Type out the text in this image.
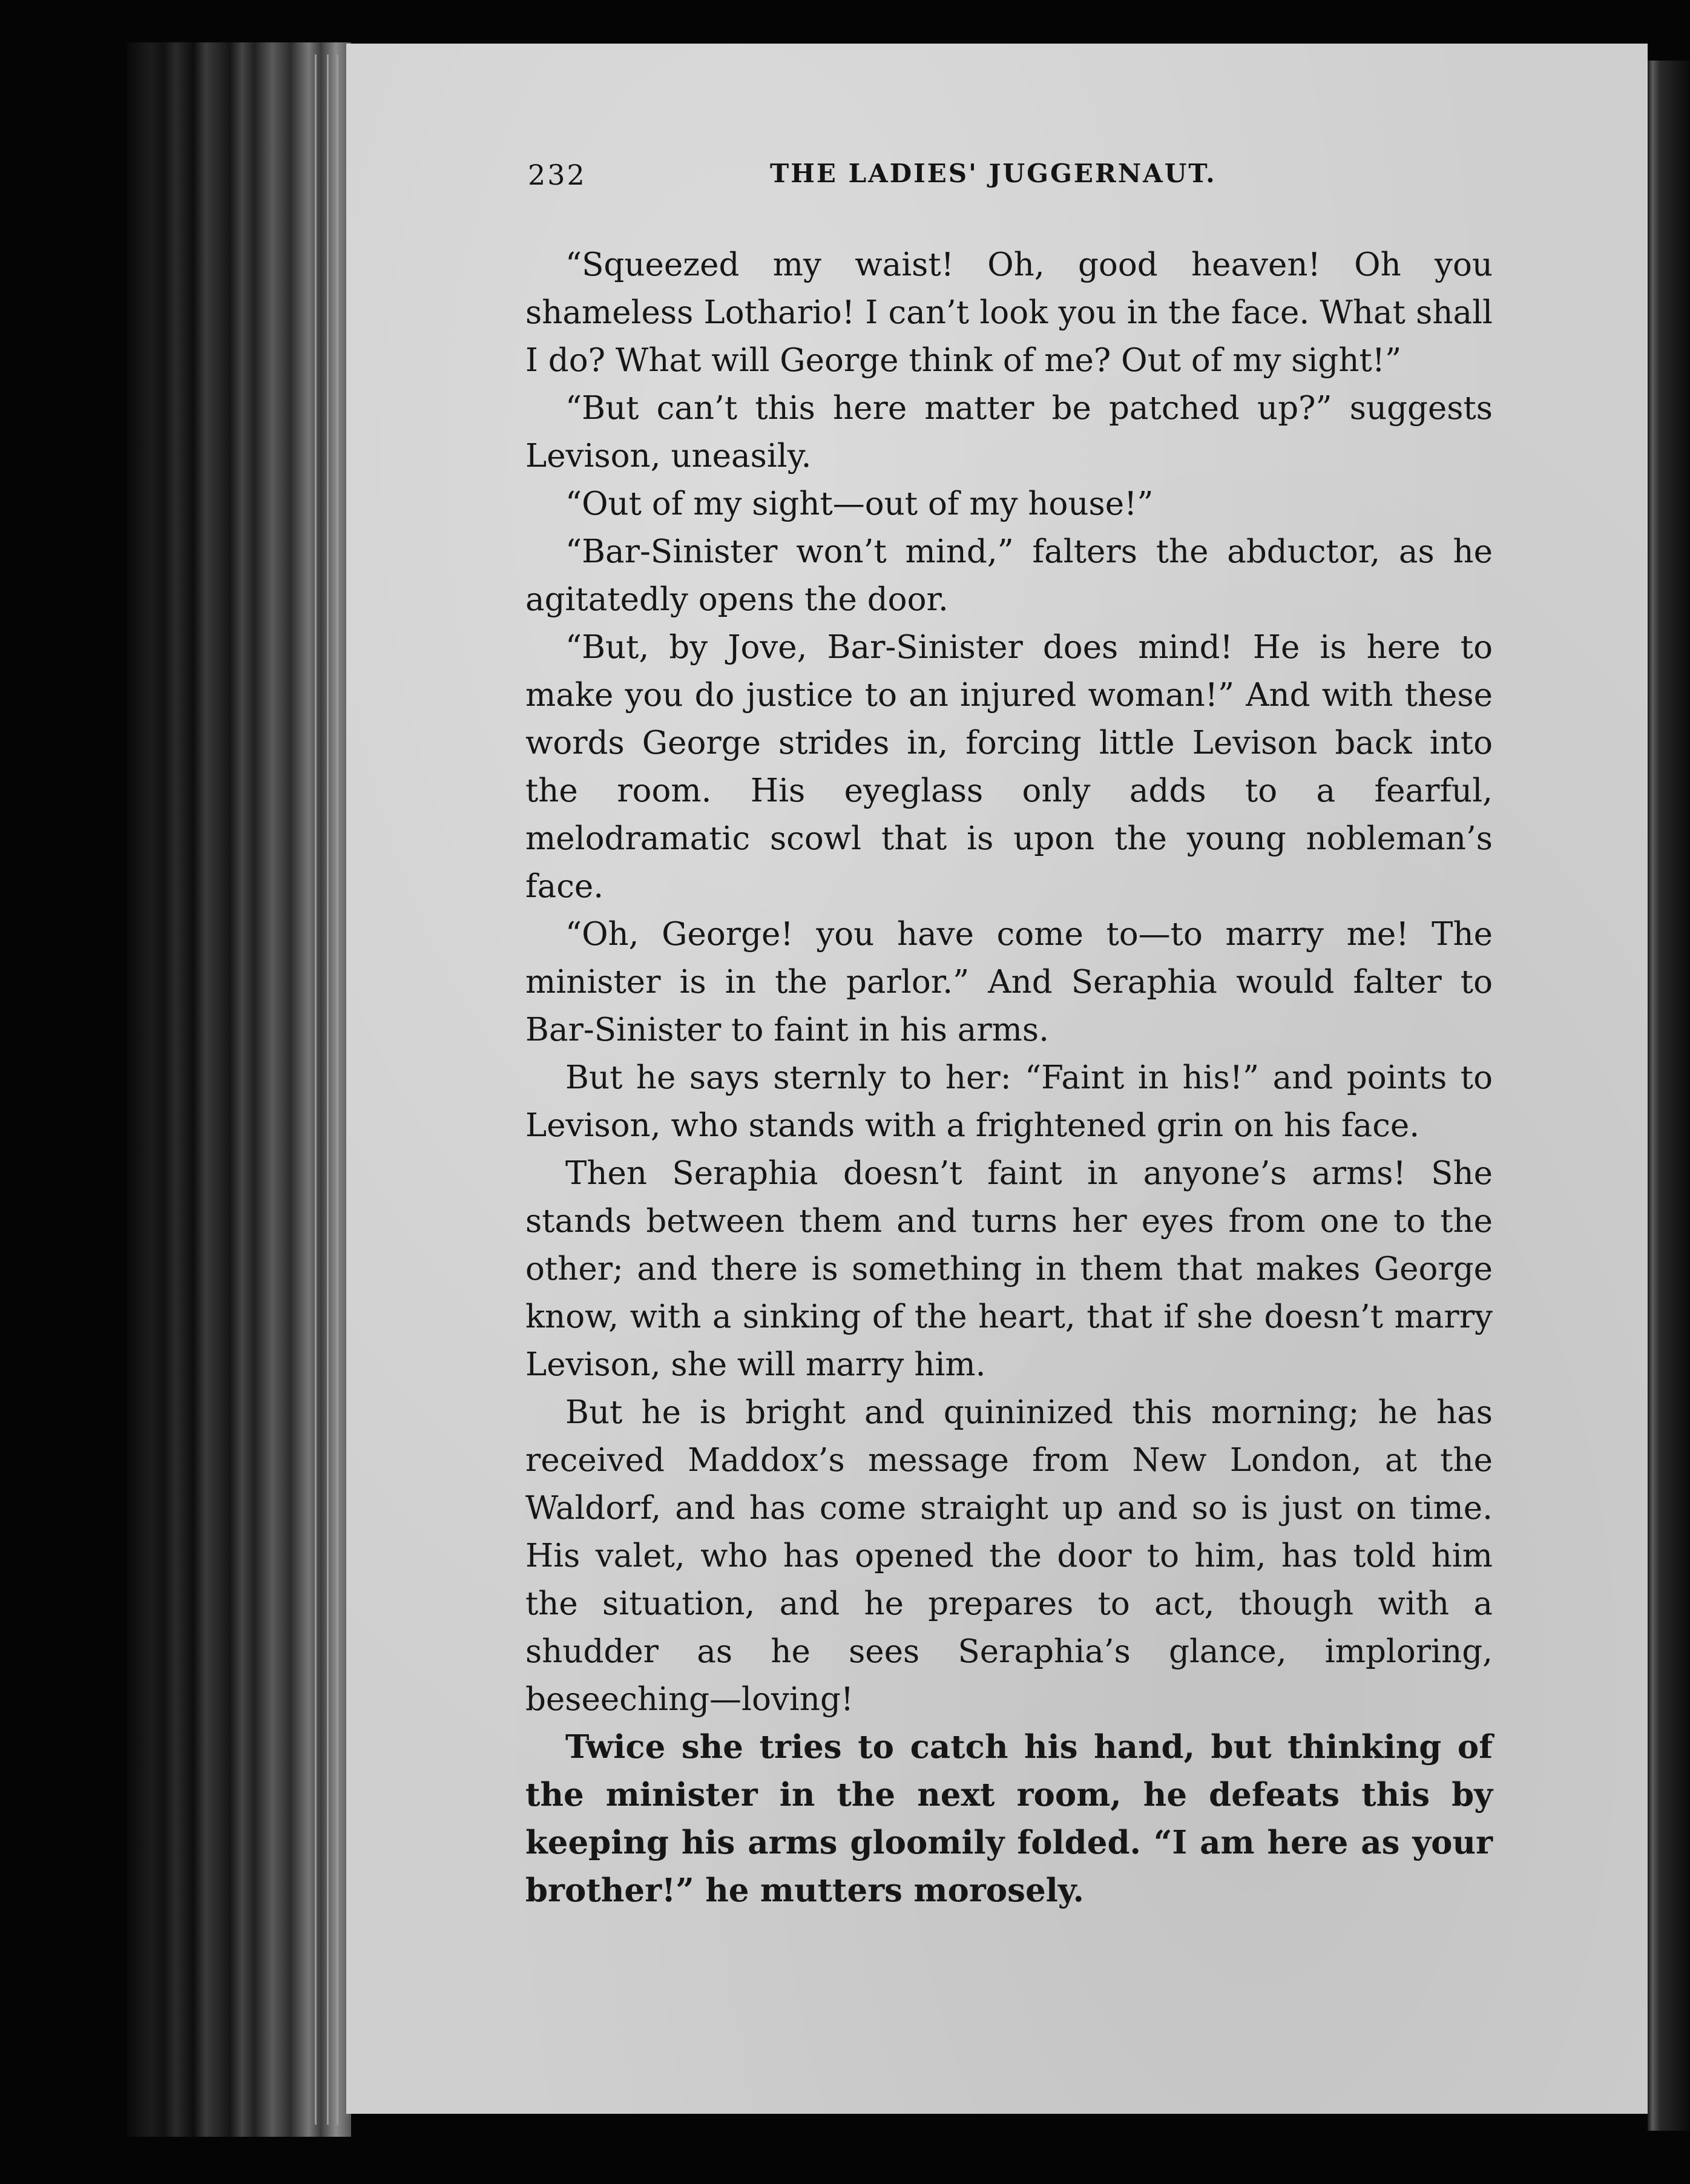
232	THE LADIES' JUGGERNAUT.

“Squeezed my waist! Oh, good heaven! Oh you shameless Lothario! I can’t look you in the face. What shall I do? What will George think of me? Out of my sight!”

“But can’t this here matter be patched up?” suggests Levison, uneasily.

“Out of my sight—out of my house!”

“Bar-Sinister won’t mind,” falters the abductor, as he agitatedly opens the door.

“But, by Jove, Bar-Sinister does mind! He is here to make you do justice to an injured woman!” And with these words George strides in, forcing little Levison back into the room. His eyeglass only adds to a fearful, melodramatic scowl that is upon the young nobleman’s face.

“Oh, George! you have come to—to marry me! The minister is in the parlor.” And Seraphia would falter to Bar-Sinister to faint in his arms.

But he says sternly to her: “Faint in his!” and points to Levison, who stands with a frightened grin on his face.

Then Seraphia doesn’t faint in anyone’s arms! She stands between them and turns her eyes from one to the other; and there is something in them that makes George know, with a sinking of the heart, that if she doesn’t marry Levison, she will marry him.

But he is bright and quininized this morning; he has received Maddox’s message from New London, at the Waldorf, and has come straight up and so is just on time. His valet, who has opened the door to him, has told him the situation, and he prepares to act, though with a shudder as he sees Seraphia’s glance, imploring, beseeching—loving!

Twice she tries to catch his hand, but thinking of the minister in the next room, he defeats this by keeping his arms gloomily folded. “I am here as your brother!” he mutters morosely.
